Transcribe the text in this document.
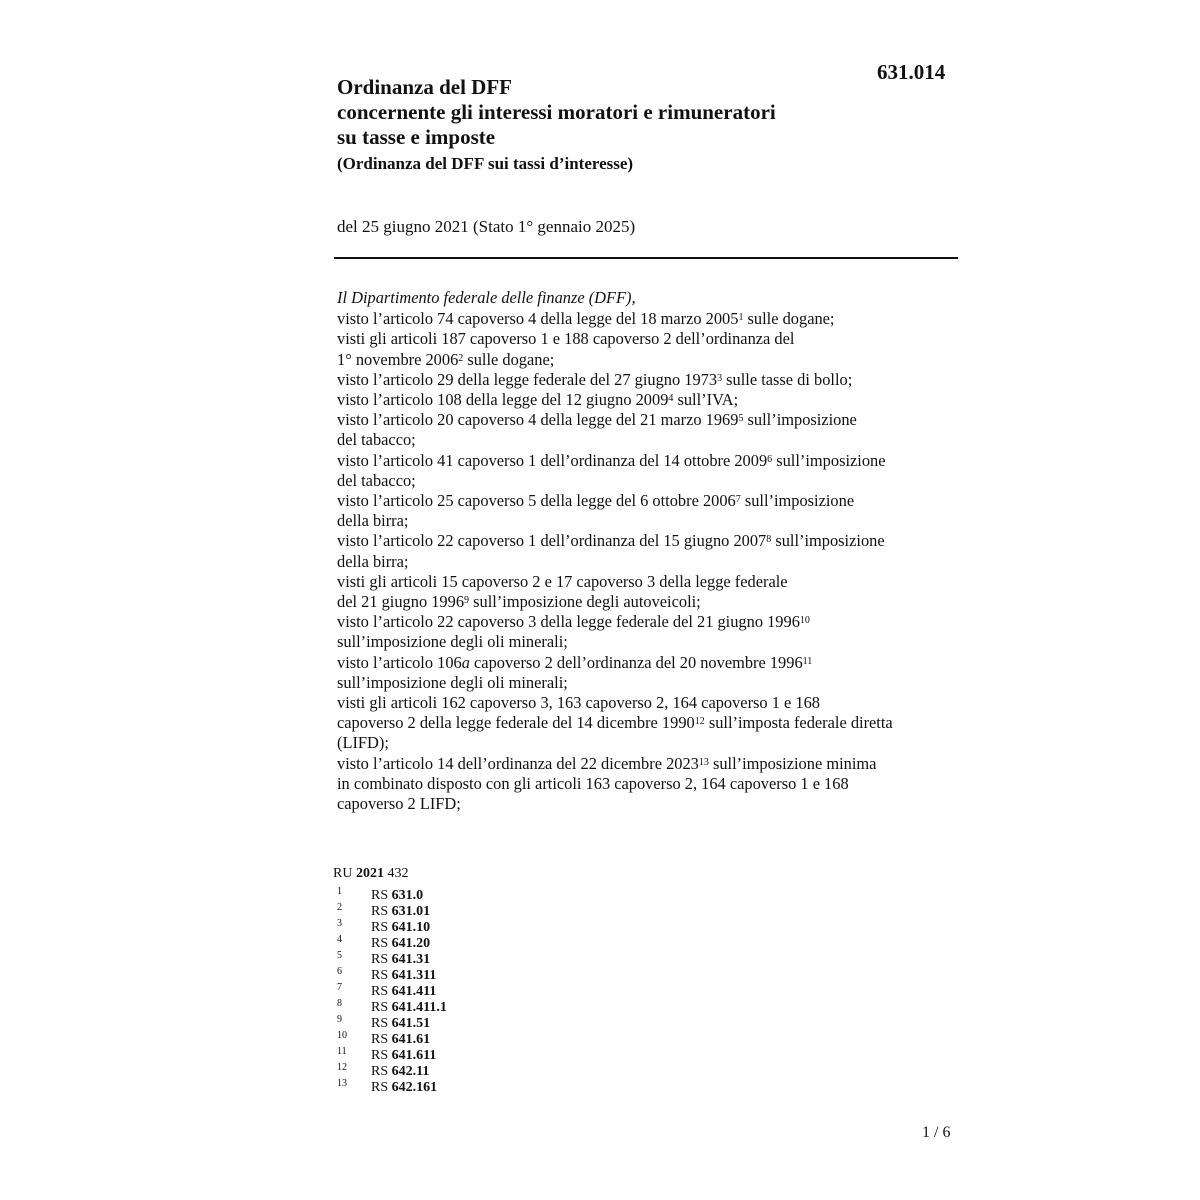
631.014
Ordinanza del DFF
concernente gli interessi moratori e rimuneratori
su tasse e imposte
(Ordinanza del DFF sui tassi d’interesse)
del 25 giugno 2021 (Stato 1° gennaio 2025)
Il Dipartimento federale delle finanze (DFF),
visto l’articolo 74 capoverso 4 della legge del 18 marzo 2005$^1$ sulle dogane;
visti gli articoli 187 capoverso 1 e 188 capoverso 2 dell’ordinanza del
1° novembre 2006$^2$ sulle dogane;
visto l’articolo 29 della legge federale del 27 giugno 1973$^3$ sulle tasse di bollo;
visto l’articolo 108 della legge del 12 giugno 2009$^4$ sull’IVA;
visto l’articolo 20 capoverso 4 della legge del 21 marzo 1969$^5$ sull’imposizione
del tabacco;
visto l’articolo 41 capoverso 1 dell’ordinanza del 14 ottobre 2009$^6$ sull’imposizione
del tabacco;
visto l’articolo 25 capoverso 5 della legge del 6 ottobre 2006$^7$ sull’imposizione
della birra;
visto l’articolo 22 capoverso 1 dell’ordinanza del 15 giugno 2007$^8$ sull’imposizione
della birra;
visti gli articoli 15 capoverso 2 e 17 capoverso 3 della legge federale
del 21 giugno 1996$^9$ sull’imposizione degli autoveicoli;
visto l’articolo 22 capoverso 3 della legge federale del 21 giugno 1996$^{10}$
sull’imposizione degli oli minerali;
visto l’articolo 106a capoverso 2 dell’ordinanza del 20 novembre 1996$^{11}$
sull’imposizione degli oli minerali;
visti gli articoli 162 capoverso 3, 163 capoverso 2, 164 capoverso 1 e 168
capoverso 2 della legge federale del 14 dicembre 1990$^{12}$ sull’imposta federale diretta
(LIFD);
visto l’articolo 14 dell’ordinanza del 22 dicembre 2023$^{13}$ sull’imposizione minima
in combinato disposto con gli articoli 163 capoverso 2, 164 capoverso 1 e 168
capoverso 2 LIFD;
RU 2021 432
1 RS 631.0
2 RS 631.01
3 RS 641.10
4 RS 641.20
5 RS 641.31
6 RS 641.311
7 RS 641.411
8 RS 641.411.1
9 RS 641.51
10 RS 641.61
11 RS 641.611
12 RS 642.11
13 RS 642.161
1 / 6
